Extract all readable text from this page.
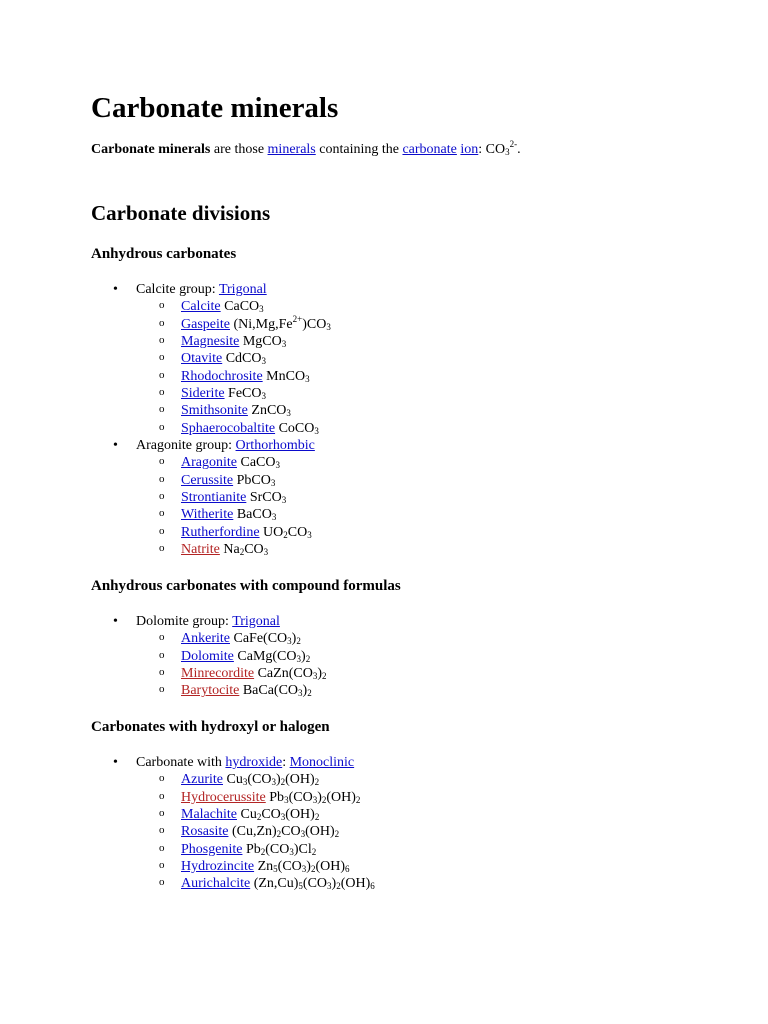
Carbonate minerals

Carbonate minerals are those minerals containing the carbonate ion: $CO_3^{2-}$.

Carbonate divisions
Anhydrous carbonates
• Calcite group: Trigonal
o Calcite CaCO$_3$
o Gaspeite $(Ni,Mg,Fe^{2+})CO_3$
o Magnesite MgCO$_3$
o Otavite CdCO$_3$
o Rhodochrosite MnCO$_3$
o Siderite FeCO$_3$
o Smithsonite ZnCO$_3$
o Sphaerocobaltite CoCO$_3$
• Aragonite group: Orthorhombic
o Aragonite CaCO$_3$
o Cerussite PbCO$_3$
o Strontianite SrCO$_3$
o Witherite BaCO$_3$
o Rutherfordine $UO_2CO_3$
o Natrite $Na_2CO_3$
Anhydrous carbonates with compound formulas
• Dolomite group: Trigonal
o Ankerite $CaFe(CO_3)_2$
o Dolomite $CaMg(CO_3)_2$
o Minrecordite $CaZn(CO_3)_2$
o Barytocite $BaCa(CO_3)_2$
Carbonates with hydroxyl or halogen
• Carbonate with hydroxide: Monoclinic
o Azurite $Cu_3(CO_3)_2(OH)_2$
o Hydrocerussite $Pb_3(CO_3)_2(OH)_2$
o Malachite $Cu_2CO_3(OH)_2$
o Rosasite $(Cu,Zn)_2CO_3(OH)_2$
o Phosgenite $Pb_2(CO_3)Cl_2$
o Hydrozincite $Zn_5(CO_3)_2(OH)_6$
o Aurichalcite $(Zn,Cu)_5(CO_3)_2(OH)_6$
